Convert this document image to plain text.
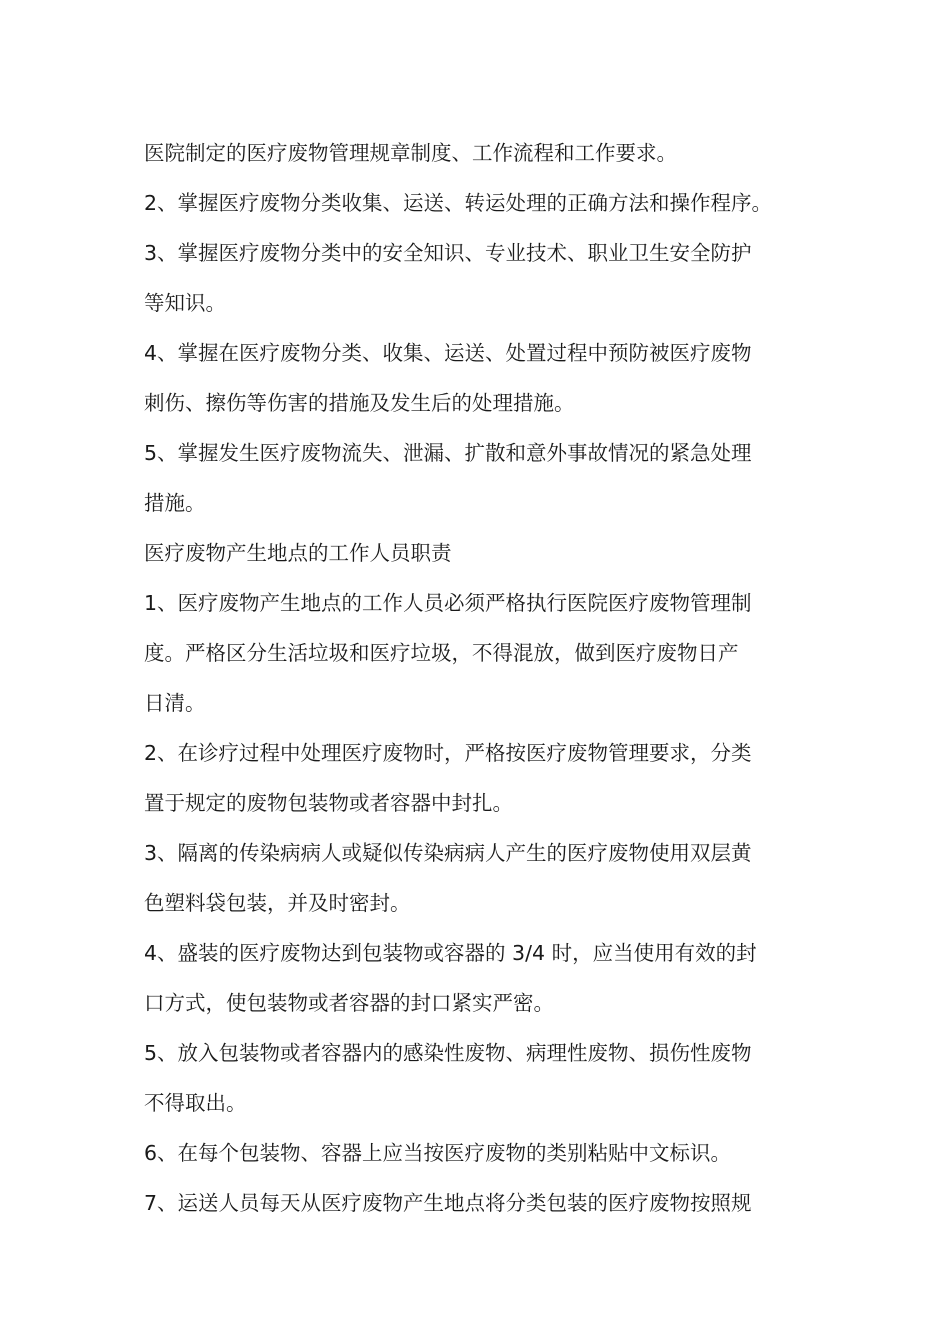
医院制定的医疗废物管理规章制度、工作流程和工作要求。
2、掌握医疗废物分类收集、运送、转运处理的正确方法和操作程序。
3、掌握医疗废物分类中的安全知识、专业技术、职业卫生安全防护
等知识。
4、掌握在医疗废物分类、收集、运送、处置过程中预防被医疗废物
刺伤、擦伤等伤害的措施及发生后的处理措施。
5、掌握发生医疗废物流失、泄漏、扩散和意外事故情况的紧急处理
措施。
医疗废物产生地点的工作人员职责
1、医疗废物产生地点的工作人员必须严格执行医院医疗废物管理制
度。严格区分生活垃圾和医疗垃圾，不得混放，做到医疗废物日产
日清。
2、在诊疗过程中处理医疗废物时，严格按医疗废物管理要求，分类
置于规定的废物包装物或者容器中封扎。
3、隔离的传染病病人或疑似传染病病人产生的医疗废物使用双层黄
色塑料袋包装，并及时密封。
4、盛装的医疗废物达到包装物或容器的 3/4 时，应当使用有效的封
口方式，使包装物或者容器的封口紧实严密。
5、放入包装物或者容器内的感染性废物、病理性废物、损伤性废物
不得取出。
6、在每个包装物、容器上应当按医疗废物的类别粘贴中文标识。
7、运送人员每天从医疗废物产生地点将分类包装的医疗废物按照规
